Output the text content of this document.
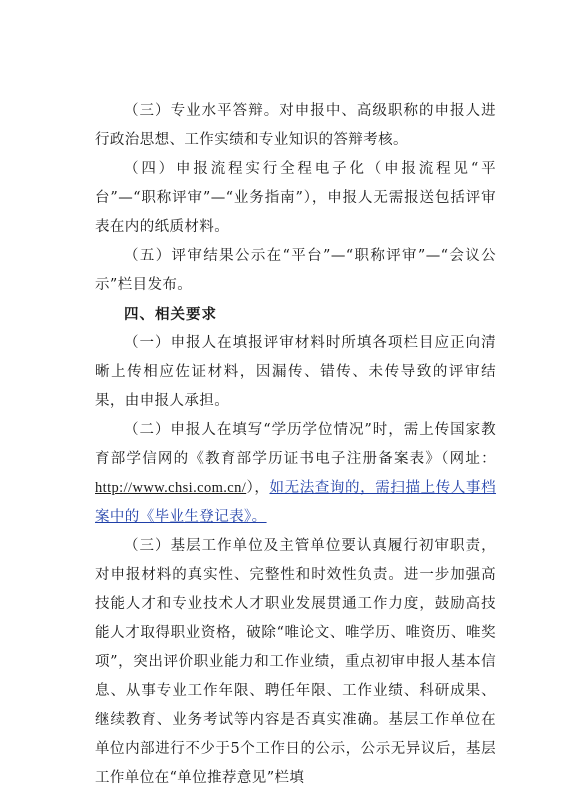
（三）专业水平答辩。对申报中、高级职称的申报人进行政治思想、工作实绩和专业知识的答辩考核。

（四）申报流程实行全程电子化（申报流程见“平台”—“职称评审”—“业务指南”），申报人无需报送包括评审表在内的纸质材料。

（五）评审结果公示在“平台”—“职称评审”—“会议公示”栏目发布。

四、相关要求

（一）申报人在填报评审材料时所填各项栏目应正向清晰上传相应佐证材料，因漏传、错传、未传导致的评审结果，由申报人承担。

（二）申报人在填写“学历学位情况”时，需上传国家教育部学信网的《教育部学历证书电子注册备案表》（网址：http://www.chsi.com.cn/），如无法查询的，需扫描上传人事档案中的《毕业生登记表》。

（三）基层工作单位及主管单位要认真履行初审职责，对申报材料的真实性、完整性和时效性负责。进一步加强高技能人才和专业技术人才职业发展贯通工作力度，鼓励高技能人才取得职业资格，破除“唯论文、唯学历、唯资历、唯奖项”，突出评价职业能力和工作业绩，重点初审申报人基本信息、从事专业工作年限、聘任年限、工作业绩、科研成果、继续教育、业务考试等内容是否真实准确。基层工作单位在单位内部进行不少于5个工作日的公示，公示无异议后，基层工作单位在“单位推荐意见”栏填
